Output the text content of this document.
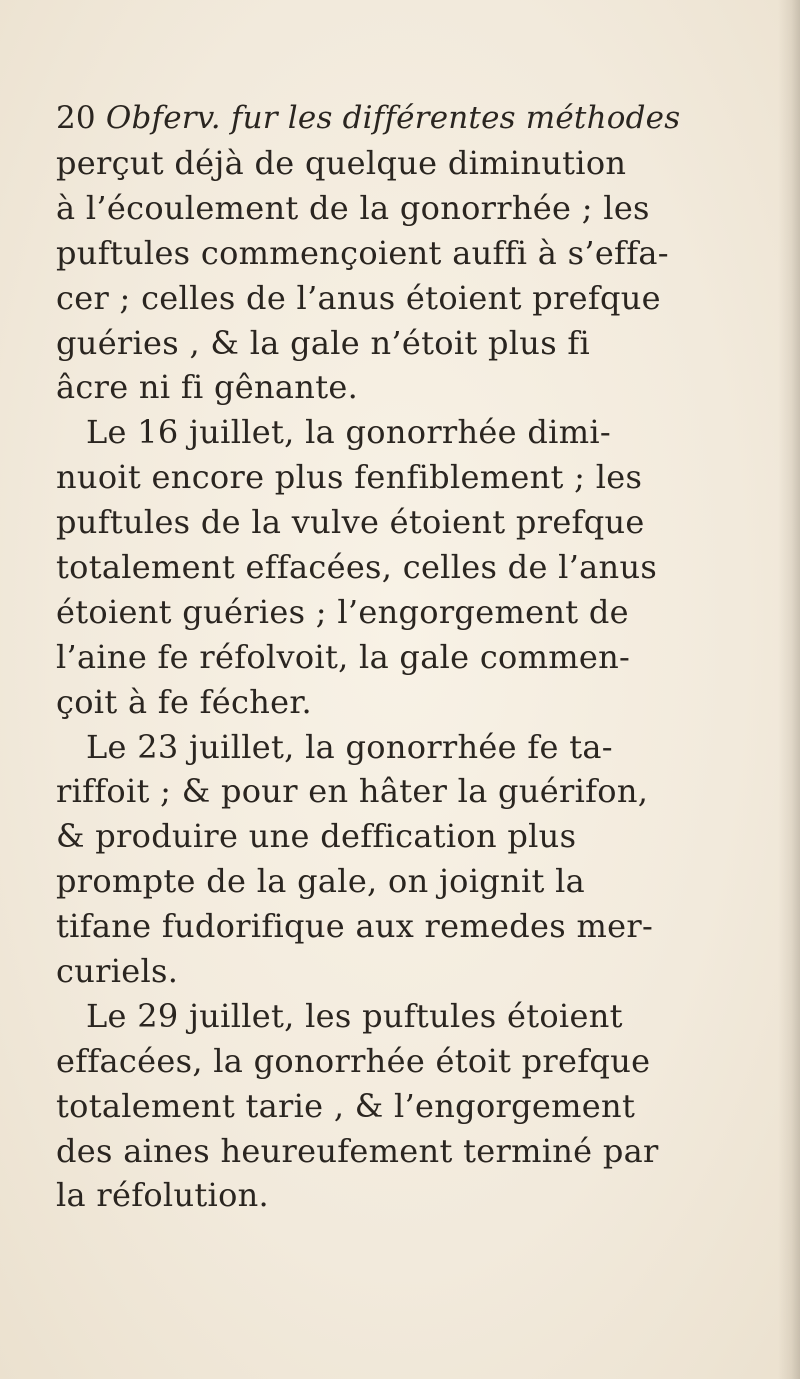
20 Obferv. fur les différentes méthodes
perçut déjà de quelque diminution
à l’écoulement de la gonorrhée ; les
puftules commençoient auffi à s’effa-
cer ; celles de l’anus étoient prefque
guéries , & la gale n’étoit plus fi
âcre ni fi gênante.
Le 16 juillet, la gonorrhée dimi-
nuoit encore plus fenfiblement ; les
puftules de la vulve étoient prefque
totalement effacées, celles de l’anus
étoient guéries ; l’engorgement de
l’aine fe réfolvoit, la gale commen-
çoit à fe fécher.
Le 23 juillet, la gonorrhée fe ta-
riffoit ; & pour en hâter la guérifon,
& produire une deffication plus
prompte de la gale, on joignit la
tifane fudorifique aux remedes mer-
curiels.
Le 29 juillet, les puftules étoient
effacées, la gonorrhée étoit prefque
totalement tarie , & l’engorgement
des aines heureufement terminé par
la réfolution.
